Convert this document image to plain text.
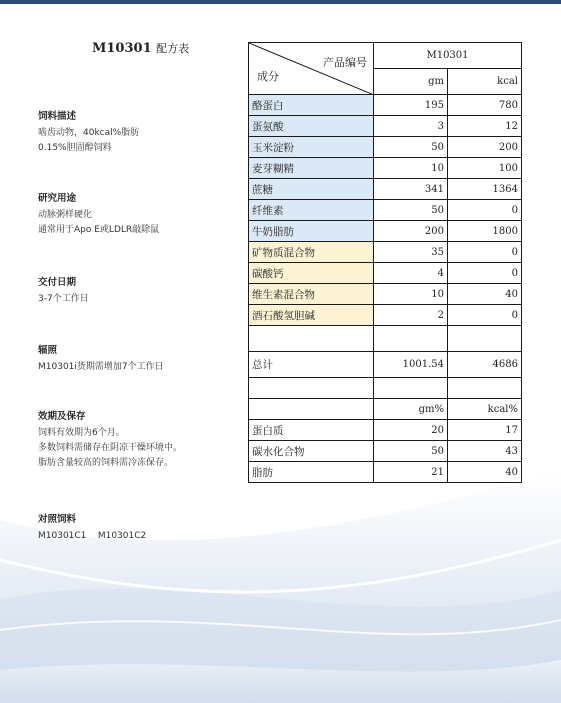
M10301 配方表
饲料描述
啮齿动物，40kcal%脂肪
0.15%胆固醇饲料
研究用途
动脉粥样硬化
通常用于Apo E或LDLR敲除鼠
交付日期
3-7个工作日
辐照
M10301i货期需增加7个工作日
效期及保存
饲料有效期为6个月。
多数饲料需储存在阴凉干燥环境中。
脂肪含量较高的饲料需冷冻保存。
对照饲料
M10301C1    M10301C2
产品编号
成分	M10301	
	gm	kcal
酪蛋白	195	780
蛋氨酸	3	12
玉米淀粉	50	200
麦芽糊精	10	100
蔗糖	341	1364
纤维素	50	0
牛奶脂肪	200	1800
矿物质混合物	35	0
碳酸钙	4	0
维生素混合物	10	40
酒石酸氢胆碱	2	0

总计	1001.54	4686

	gm%	kcal%
蛋白质	20	17
碳水化合物	50	43
脂肪	21	40
